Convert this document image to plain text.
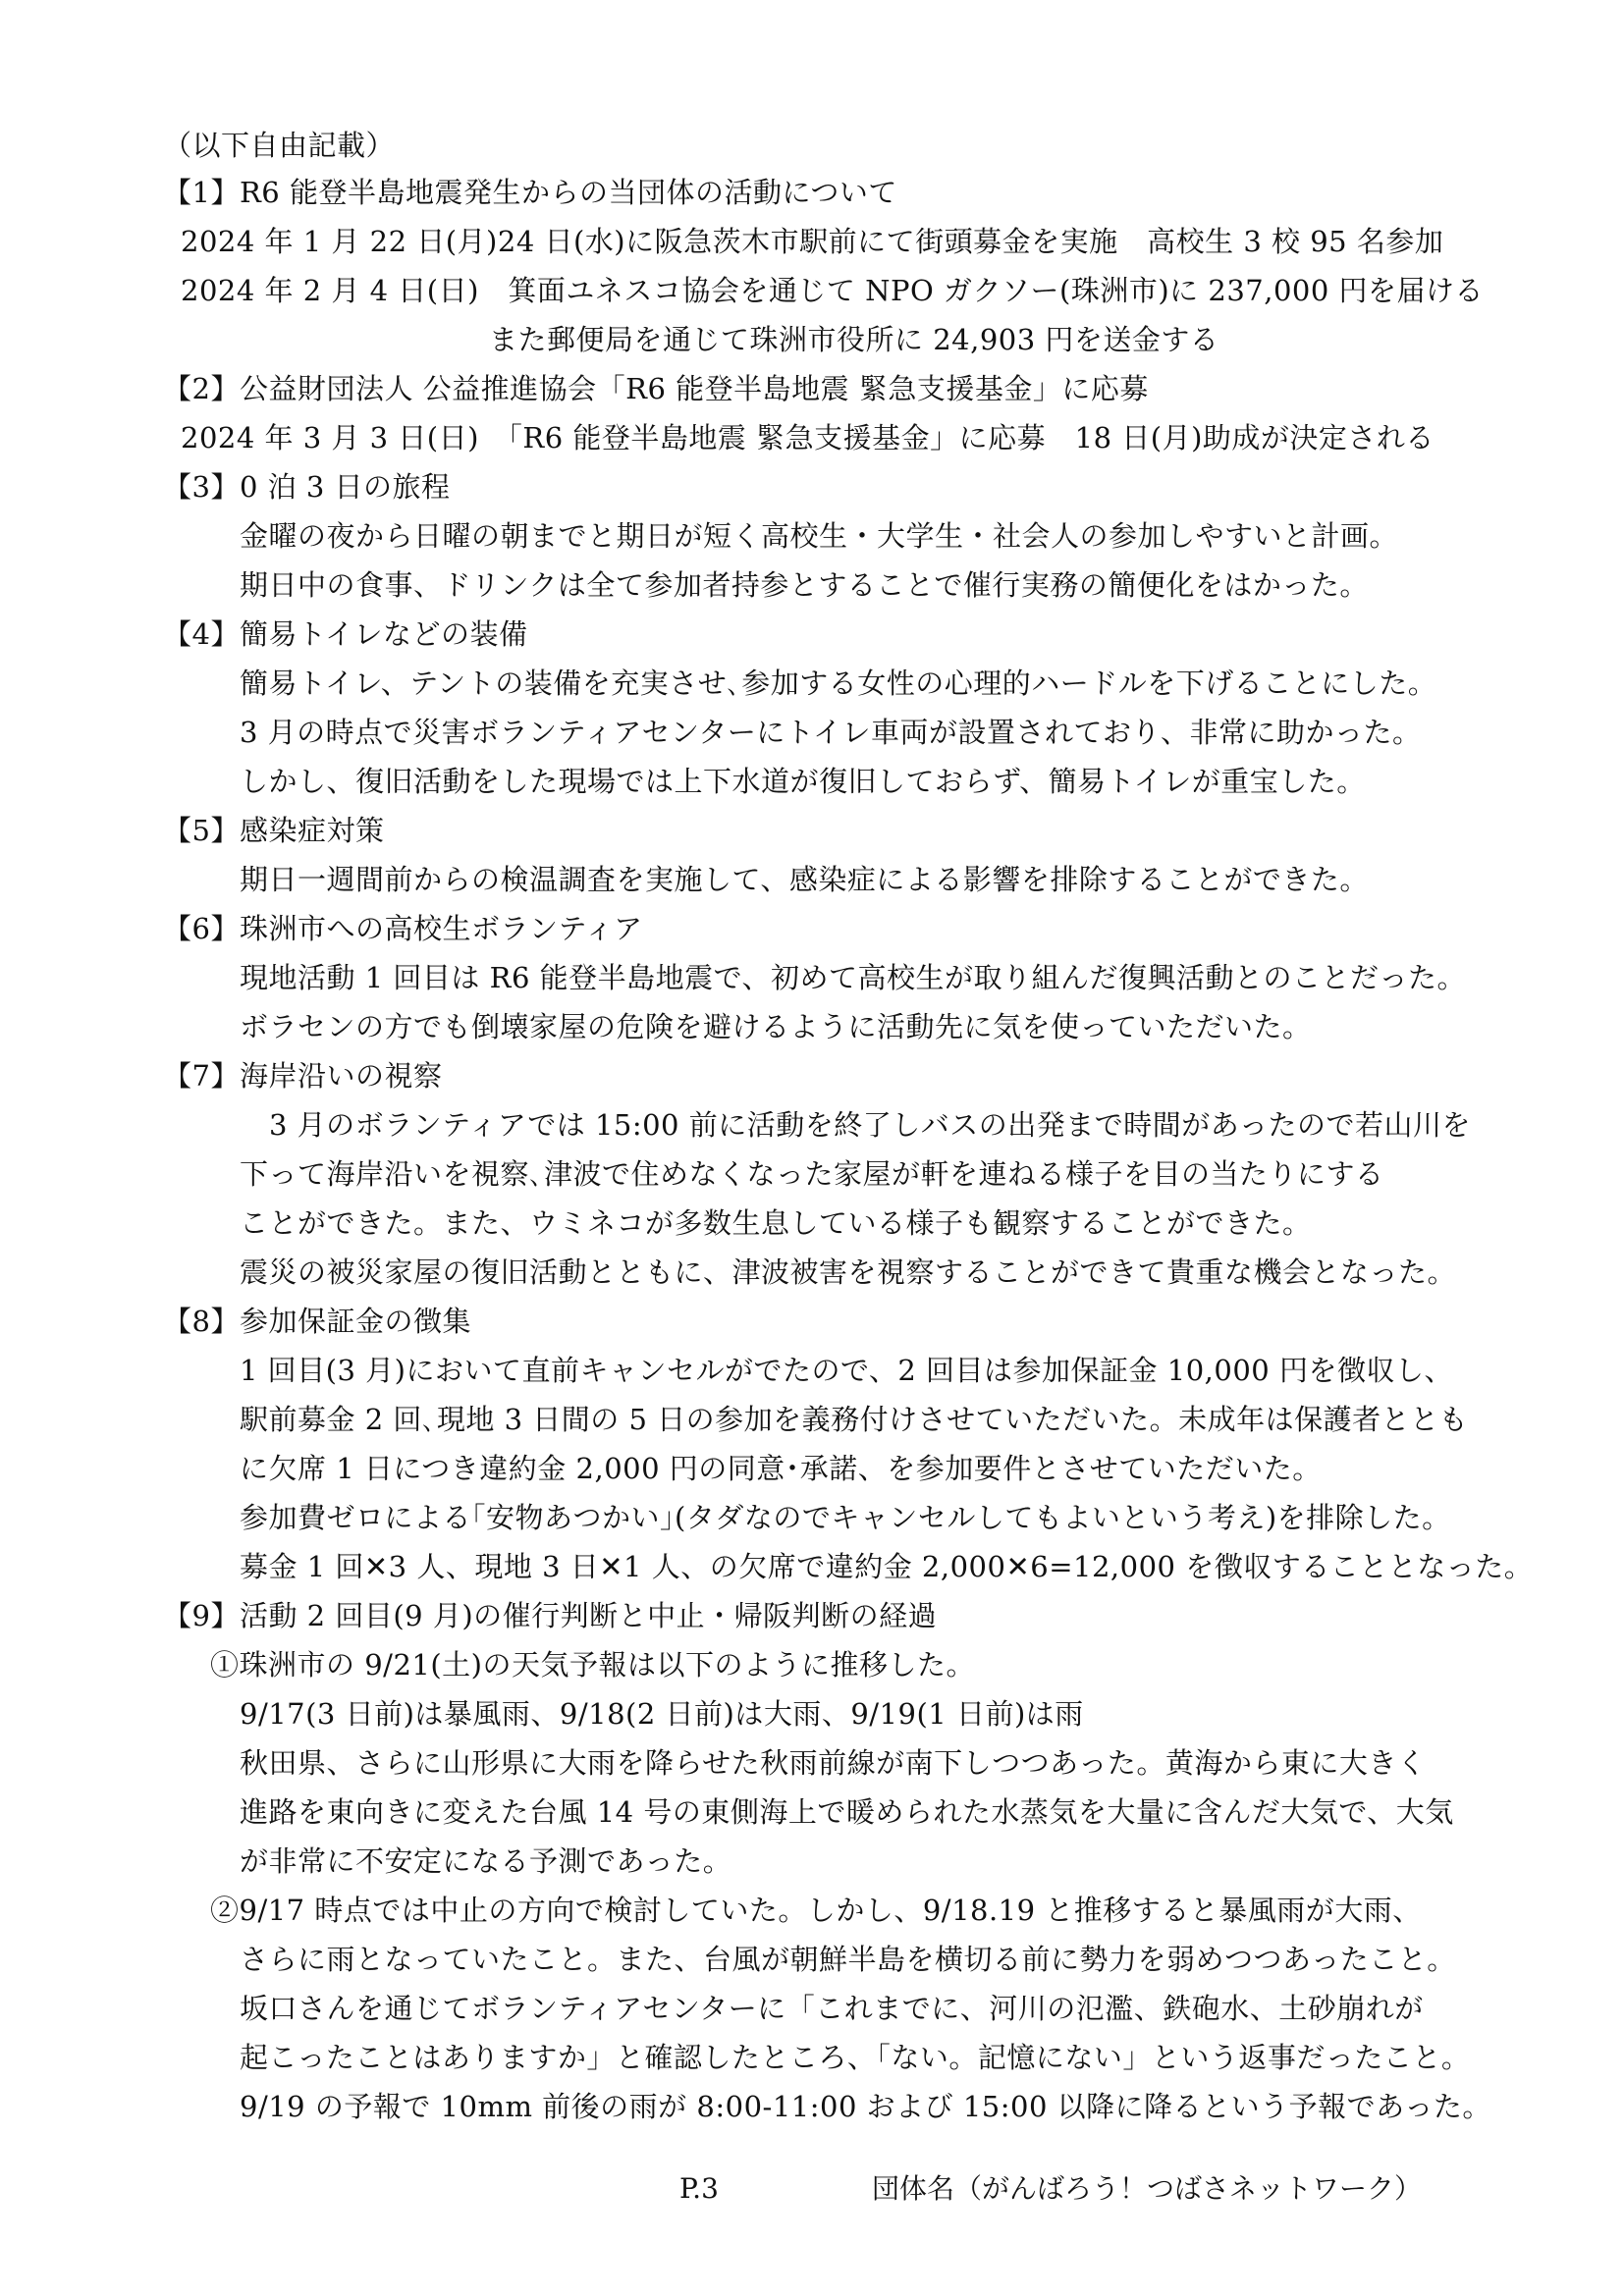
（以下自由記載）
【1】R6 能登半島地震発生からの当団体の活動について
2024 年 1 月 22 日(月)24 日(水)に阪急茨木市駅前にて街頭募金を実施　高校生 3 校 95 名参加
2024 年 2 月 4 日(日)　箕面ユネスコ協会を通じて NPO ガクソー(珠洲市)に 237,000 円を届ける
また郵便局を通じて珠洲市役所に 24,903 円を送金する
【2】公益財団法人 公益推進協会「R6 能登半島地震 緊急支援基金」に応募
2024 年 3 月 3 日(日)　「R6 能登半島地震 緊急支援基金」に応募　18 日(月)助成が決定される
【3】0 泊 3 日の旅程
金曜の夜から日曜の朝までと期日が短く高校生・大学生・社会人の参加しやすいと計画。
期日中の食事、ドリンクは全て参加者持参とすることで催行実務の簡便化をはかった。
【4】簡易トイレなどの装備
簡易トイレ、テントの装備を充実させ､参加する女性の心理的ハードルを下げることにした。
3 月の時点で災害ボランティアセンターにトイレ車両が設置されており、非常に助かった。
しかし、復旧活動をした現場では上下水道が復旧しておらず、簡易トイレが重宝した。
【5】感染症対策
期日一週間前からの検温調査を実施して、感染症による影響を排除することができた。
【6】珠洲市への高校生ボランティア
現地活動 1 回目は R6 能登半島地震で、初めて高校生が取り組んだ復興活動とのことだった。
ボラセンの方でも倒壊家屋の危険を避けるように活動先に気を使っていただいた。
【7】海岸沿いの視察
3 月のボランティアでは 15:00 前に活動を終了しバスの出発まで時間があったので若山川を
下って海岸沿いを視察､津波で住めなくなった家屋が軒を連ねる様子を目の当たりにする
ことができた。また、ウミネコが多数生息している様子も観察することができた。
震災の被災家屋の復旧活動とともに、津波被害を視察することができて貴重な機会となった。
【8】参加保証金の徴集
1 回目(3 月)において直前キャンセルがでたので、2 回目は参加保証金 10,000 円を徴収し、
駅前募金 2 回､現地 3 日間の 5 日の参加を義務付けさせていただいた。未成年は保護者ととも
に欠席 1 日につき違約金 2,000 円の同意･承諾、を参加要件とさせていただいた。
参加費ゼロによる｢安物あつかい｣(タダなのでキャンセルしてもよいという考え)を排除した。
募金 1 回✕3 人、現地 3 日✕1 人、の欠席で違約金 2,000✕6=12,000 を徴収することとなった。
【9】活動 2 回目(9 月)の催行判断と中止・帰阪判断の経過
①珠洲市の 9/21(土)の天気予報は以下のように推移した。
9/17(3 日前)は暴風雨、9/18(2 日前)は大雨、9/19(1 日前)は雨
秋田県、さらに山形県に大雨を降らせた秋雨前線が南下しつつあった。黄海から東に大きく
進路を東向きに変えた台風 14 号の東側海上で暖められた水蒸気を大量に含んだ大気で、大気
が非常に不安定になる予測であった。
②9/17 時点では中止の方向で検討していた。しかし、9/18.19 と推移すると暴風雨が大雨、
さらに雨となっていたこと。また、台風が朝鮮半島を横切る前に勢力を弱めつつあったこと。
坂口さんを通じてボランティアセンターに「これまでに、河川の氾濫、鉄砲水、土砂崩れが
起こったことはありますか」と確認したところ、「ない。記憶にない」という返事だったこと。
9/19 の予報で 10mm 前後の雨が 8:00-11:00 および 15:00 以降に降るという予報であった。
P.3	団体名（がんばろう！つばさネットワーク）
